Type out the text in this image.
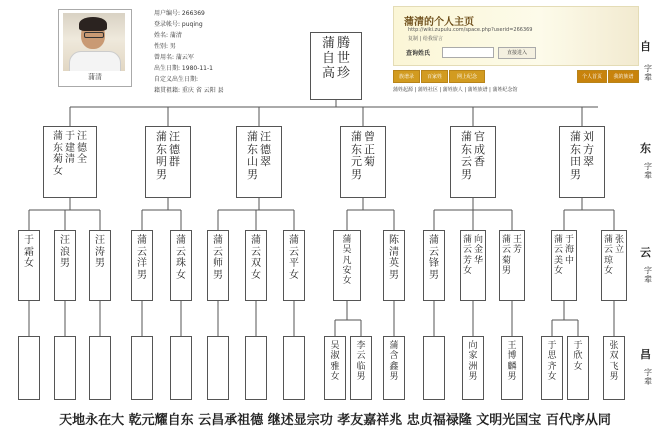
蒲清
用户编号: 266369
登录帐号: puqing
姓名: 蒲清
性别: 男
曾用名: 蒲云军
出生日期: 1980-11-1
自定义出生日期:
籍贯祖籍: 重庆 省 云阳 县
腾世珍
蒲自高
蒲清的个人主页
http://wiki.zupulu.com/space.php?userid=266369
复制 | 给我留言
查询姓氏	直接进入
族谱录	百家姓	网上纪念	个人首页	我的族谱
蒲姓起源 | 蒲姓社区 | 蒲姓族人 | 蒲姓族谱 | 蒲姓纪念馆
自
字辈
东
字辈
云
字辈
昌
字辈
汪德全
于建清
蒲东菊女
汪德群
蒲东明男
汪德翠
蒲东山男
曾正菊
蒲东元男
官成香
蒲东云男
刘方翠
蒲东田男
于霜女
汪浪男
汪涛男
蒲云洋男
蒲云珠女
蒲云师男
蒲云双女
蒲云平女
蒲吴凡安女
陈清英男
蒲云锋男
向金华
蒲云芳女
王芳
蒲云菊男
于海中
蒲云美女
张立
蒲云琼女
吴淑雅女
李云临男
蒲含鑫男
向家洲男
王博麟男
于思齐女
于欣女
张双飞男
天地永在大 乾元耀自东 云昌承祖德 继述显宗功 孝友嘉祥兆 忠贞福禄隆 文明光国宝 百代序从同
